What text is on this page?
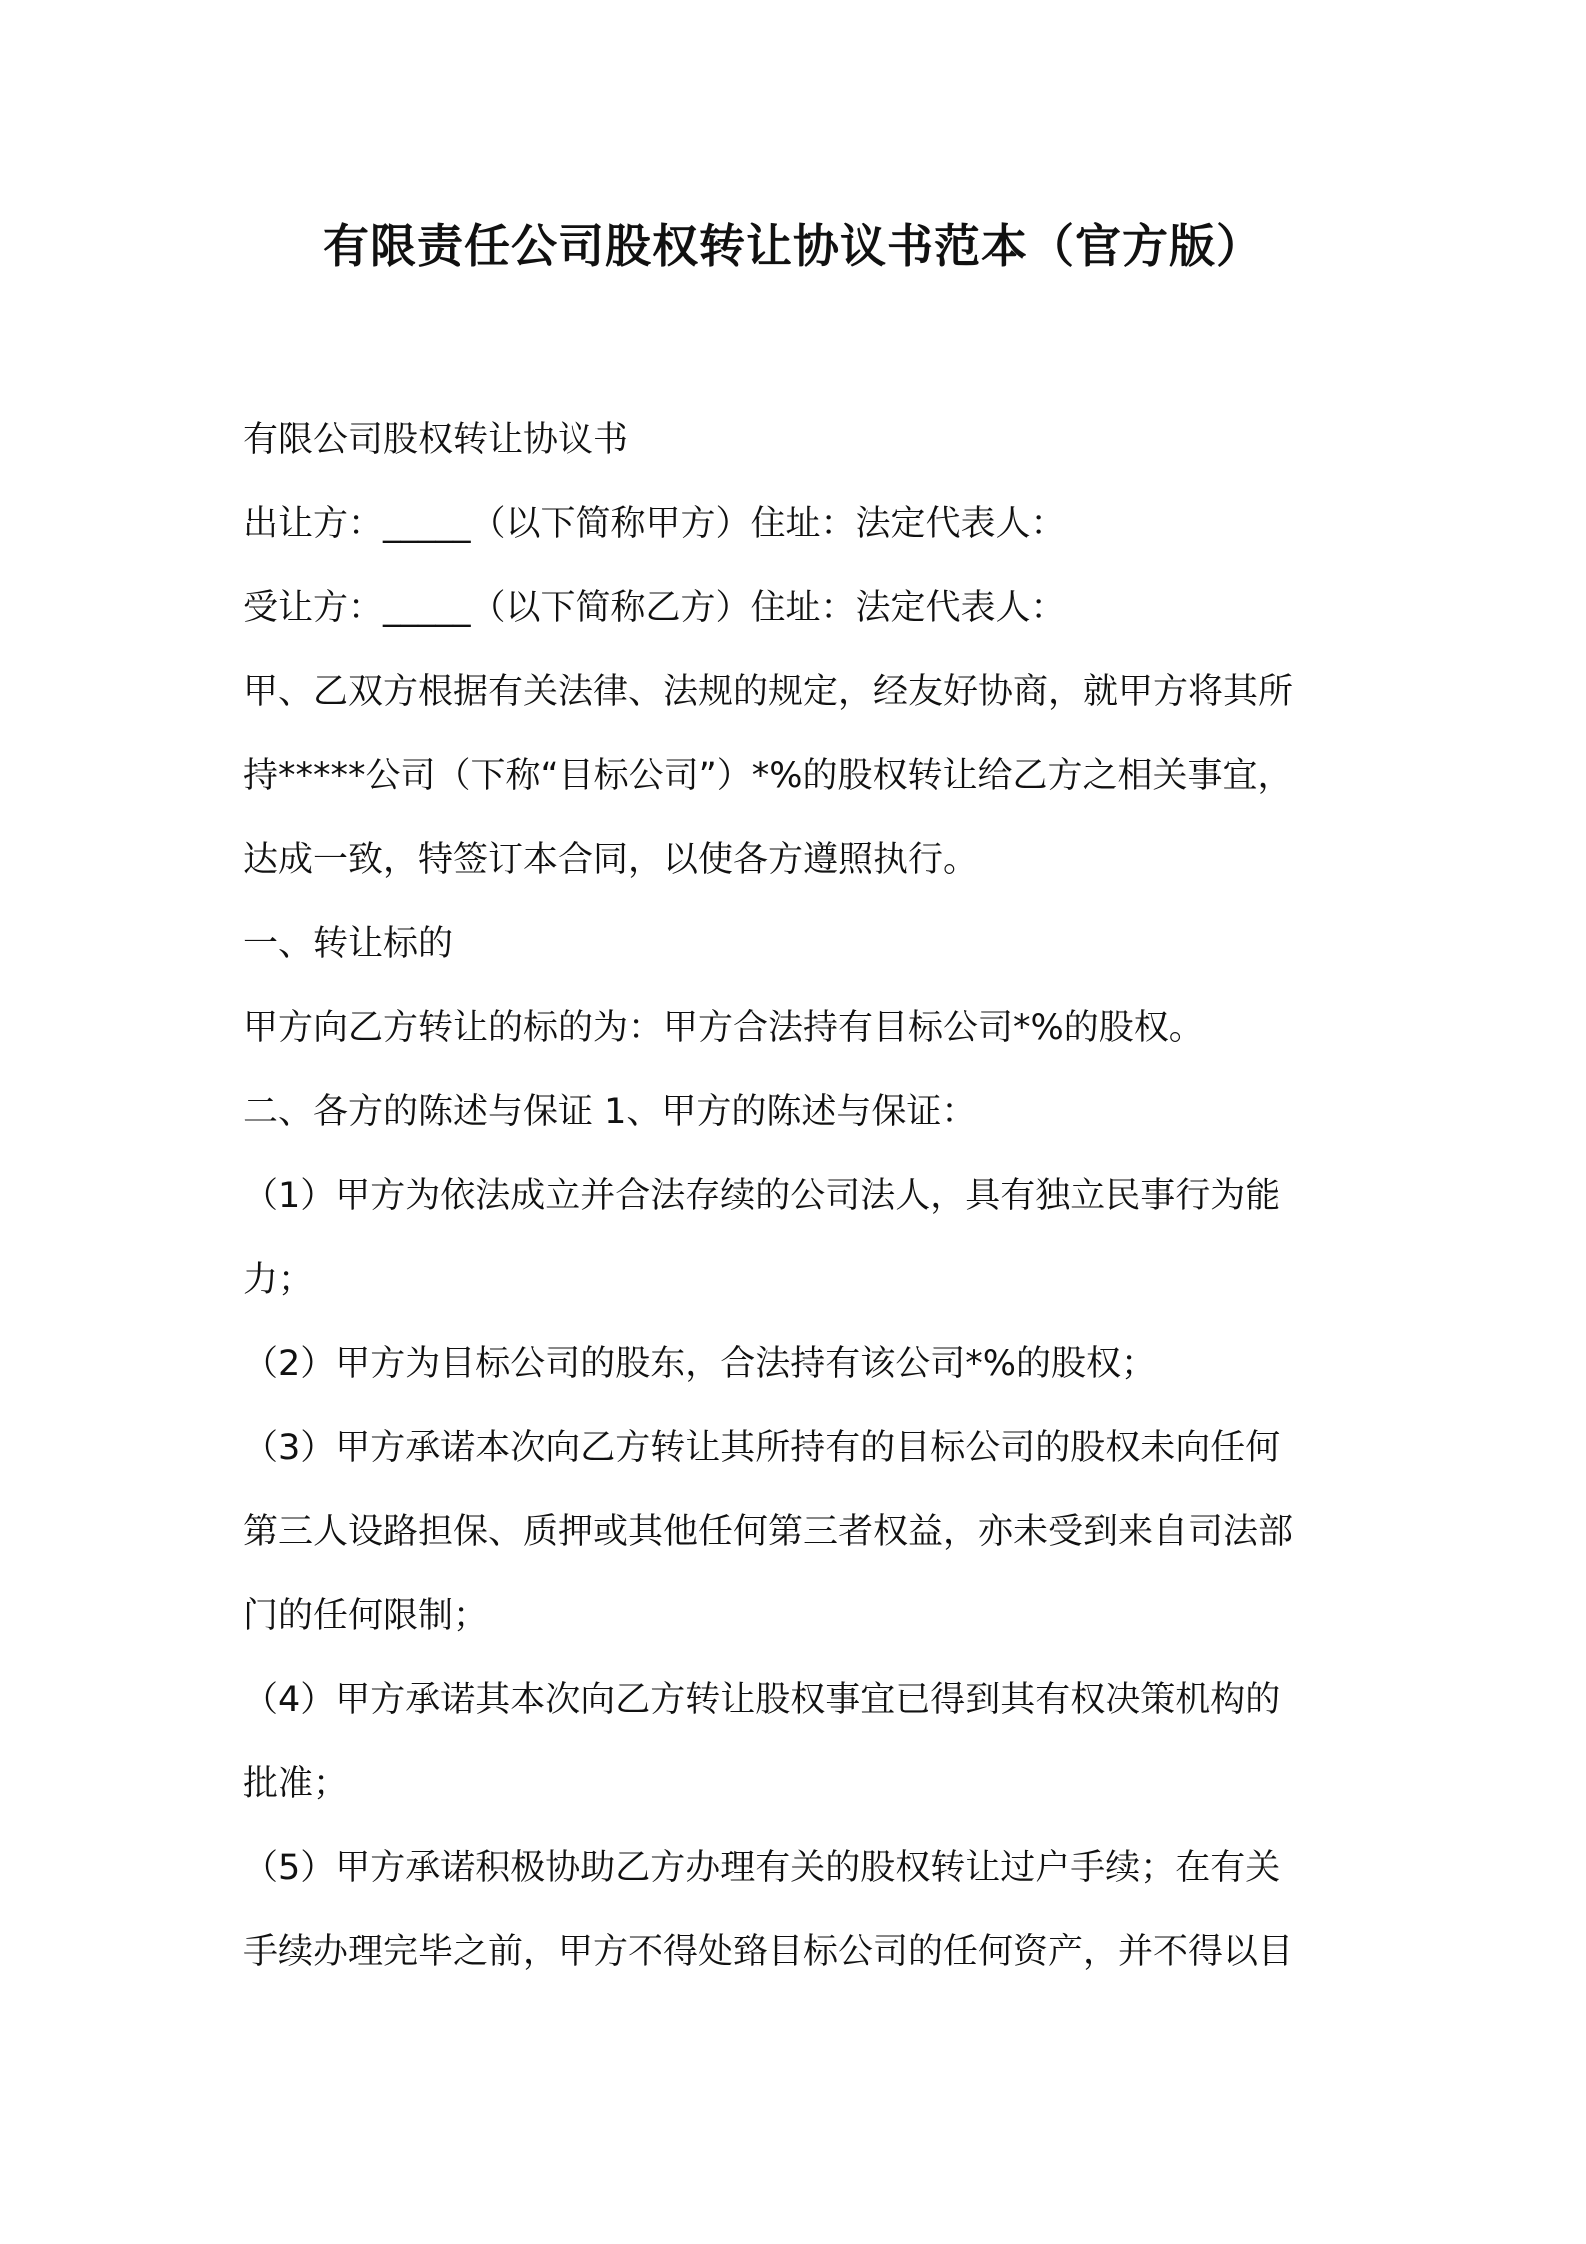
有限责任公司股权转让协议书范本（官方版）
有限公司股权转让协议书
出让方：_____（以下简称甲方）住址：法定代表人：
受让方：_____（以下简称乙方）住址：法定代表人：
甲、乙双方根据有关法律、法规的规定，经友好协商，就甲方将其所
持*****公司（下称“目标公司”）*%的股权转让给乙方之相关事宜，
达成一致，特签订本合同，以使各方遵照执行。
一、转让标的
甲方向乙方转让的标的为：甲方合法持有目标公司*%的股权。
二、各方的陈述与保证 1、甲方的陈述与保证：
（1）甲方为依法成立并合法存续的公司法人，具有独立民事行为能
力；
（2）甲方为目标公司的股东，合法持有该公司*%的股权；
（3）甲方承诺本次向乙方转让其所持有的目标公司的股权未向任何
第三人设路担保、质押或其他任何第三者权益，亦未受到来自司法部
门的任何限制；
（4）甲方承诺其本次向乙方转让股权事宜已得到其有权决策机构的
批准；
（5）甲方承诺积极协助乙方办理有关的股权转让过户手续；在有关
手续办理完毕之前，甲方不得处臵目标公司的任何资产，并不得以目
